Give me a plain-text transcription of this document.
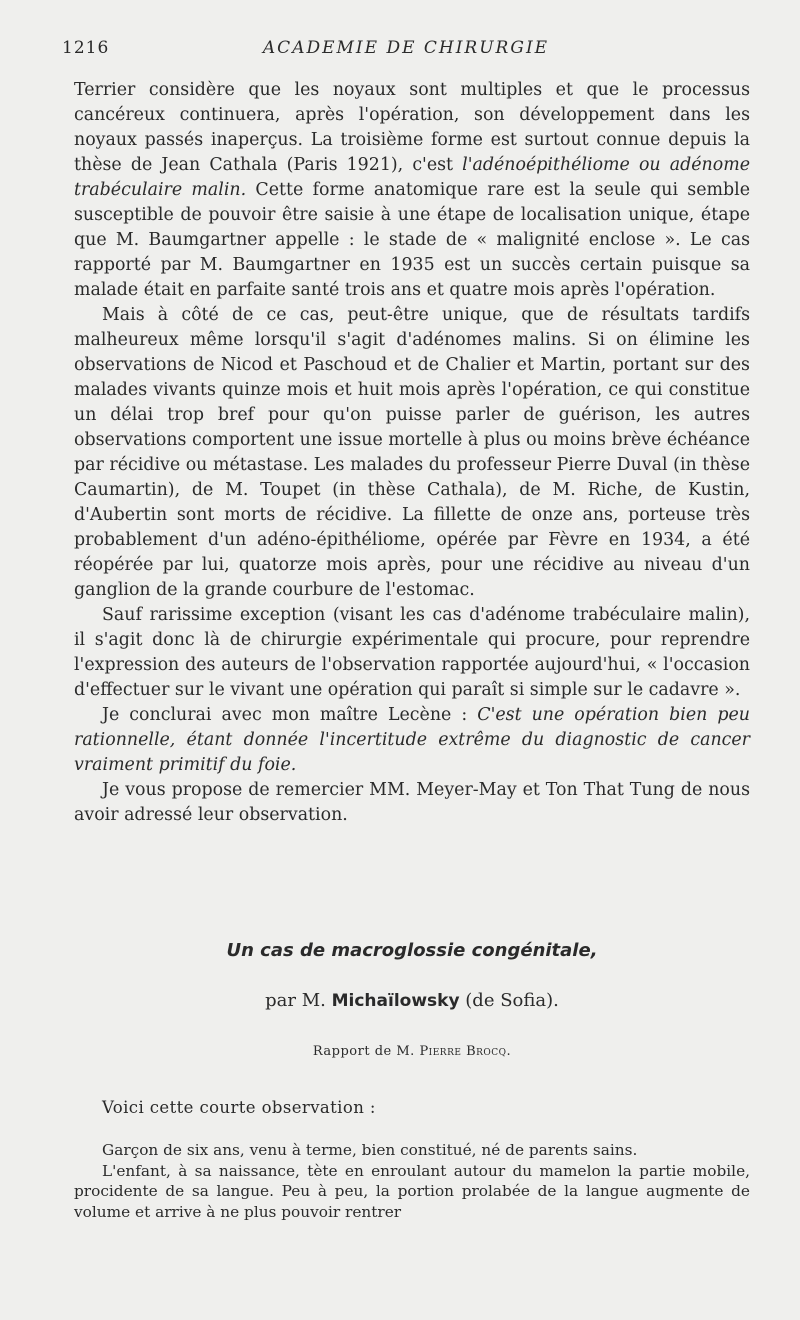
1216	ACADEMIE DE CHIRURGIE

Terrier considère que les noyaux sont multiples et que le processus cancéreux continuera, après l'opération, son développement dans les noyaux passés inaperçus. La troisième forme est surtout connue depuis la thèse de Jean Cathala (Paris 1921), c'est l'adénoépithéliome ou adénome trabéculaire malin. Cette forme anatomique rare est la seule qui semble susceptible de pouvoir être saisie à une étape de localisation unique, étape que M. Baumgartner appelle : le stade de « malignité enclose ». Le cas rapporté par M. Baumgartner en 1935 est un succès certain puisque sa malade était en parfaite santé trois ans et quatre mois après l'opération.

Mais à côté de ce cas, peut-être unique, que de résultats tardifs malheureux même lorsqu'il s'agit d'adénomes malins. Si on élimine les observations de Nicod et Paschoud et de Chalier et Martin, portant sur des malades vivants quinze mois et huit mois après l'opération, ce qui constitue un délai trop bref pour qu'on puisse parler de guérison, les autres observations comportent une issue mortelle à plus ou moins brève échéance par récidive ou métastase. Les malades du professeur Pierre Duval (in thèse Caumartin), de M. Toupet (in thèse Cathala), de M. Riche, de Kustin, d'Aubertin sont morts de récidive. La fillette de onze ans, porteuse très probablement d'un adéno-épithéliome, opérée par Fèvre en 1934, a été réopérée par lui, quatorze mois après, pour une récidive au niveau d'un ganglion de la grande courbure de l'estomac.

Sauf rarissime exception (visant les cas d'adénome trabéculaire malin), il s'agit donc là de chirurgie expérimentale qui procure, pour reprendre l'expression des auteurs de l'observation rapportée aujourd'hui, « l'occasion d'effectuer sur le vivant une opération qui paraît si simple sur le cadavre ».

Je conclurai avec mon maître Lecène : C'est une opération bien peu rationnelle, étant donnée l'incertitude extrême du diagnostic de cancer vraiment primitif du foie.

Je vous propose de remercier MM. Meyer-May et Ton That Tung de nous avoir adressé leur observation.

Un cas de macroglossie congénitale,
par M. Michaïlowsky (de Sofia).
Rapport de M. Pierre Brocq.
Voici cette courte observation :

Garçon de six ans, venu à terme, bien constitué, né de parents sains.

L'enfant, à sa naissance, tète en enroulant autour du mamelon la partie mobile, procidente de sa langue. Peu à peu, la portion prolabée de la langue augmente de volume et arrive à ne plus pouvoir rentrer
